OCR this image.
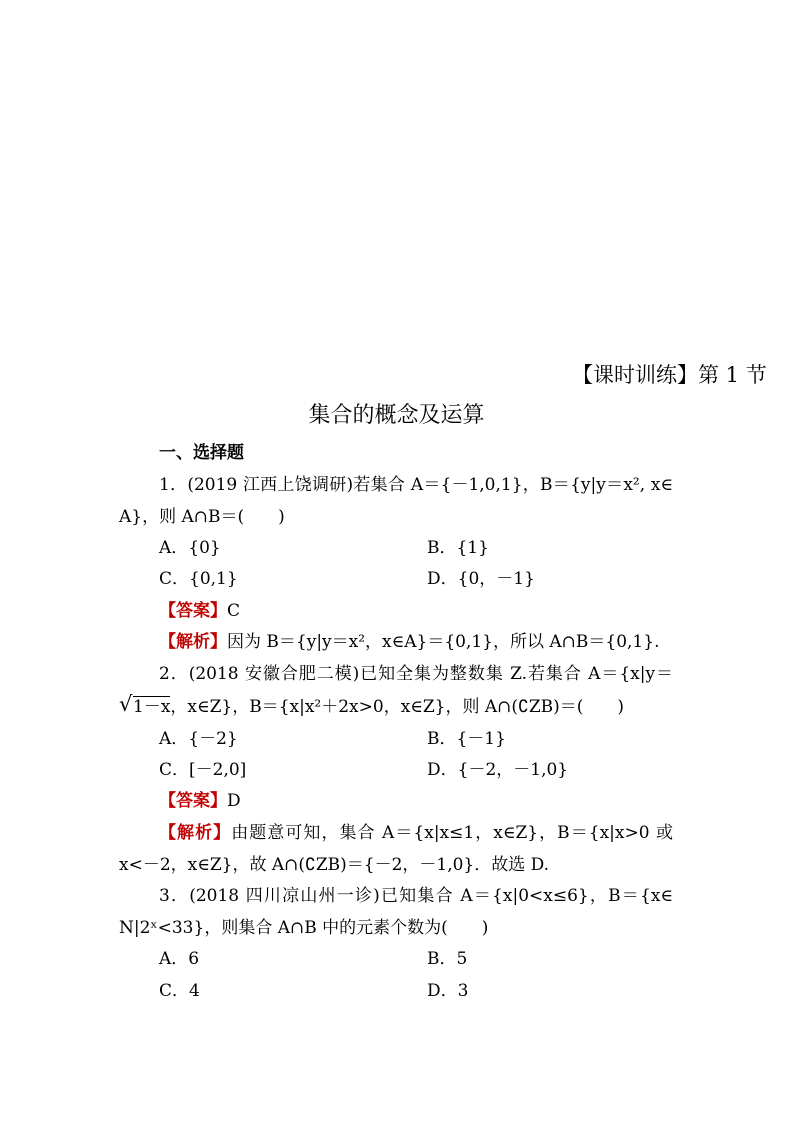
【课时训练】第 1 节
集合的概念及运算
一、选择题
1．(2019 江西上饶调研)若集合 A＝{－1,0,1}，B＝{y|y＝x², x∈
A}，则 A∩B＝(　　)
A．{0}	B．{1}
C．{0,1}	D．{0，－1}
【答案】C
【解析】因为 B＝{y|y＝x²，x∈A}＝{0,1}，所以 A∩B＝{0,1}.
2．(2018 安徽合肥二模)已知全集为整数集 Z.若集合 A＝{x|y＝
√ 1－x，x∈Z}，B＝{x|x²＋2x>0，x∈Z}，则 A∩(∁ZB)＝(　　)
A．{－2}	B．{－1}
C．[－2,0]	D．{－2，－1,0}
【答案】D
【解析】由题意可知，集合 A＝{x|x≤1，x∈Z}，B＝{x|x>0 或
x<－2，x∈Z}，故 A∩(∁ZB)＝{－2，－1,0}．故选 D.
3．(2018 四川凉山州一诊)已知集合 A＝{x|0<x≤6}，B＝{x∈
N|2ˣ<33}，则集合 A∩B 中的元素个数为(　　)
A．6	B．5
C．4	D．3
